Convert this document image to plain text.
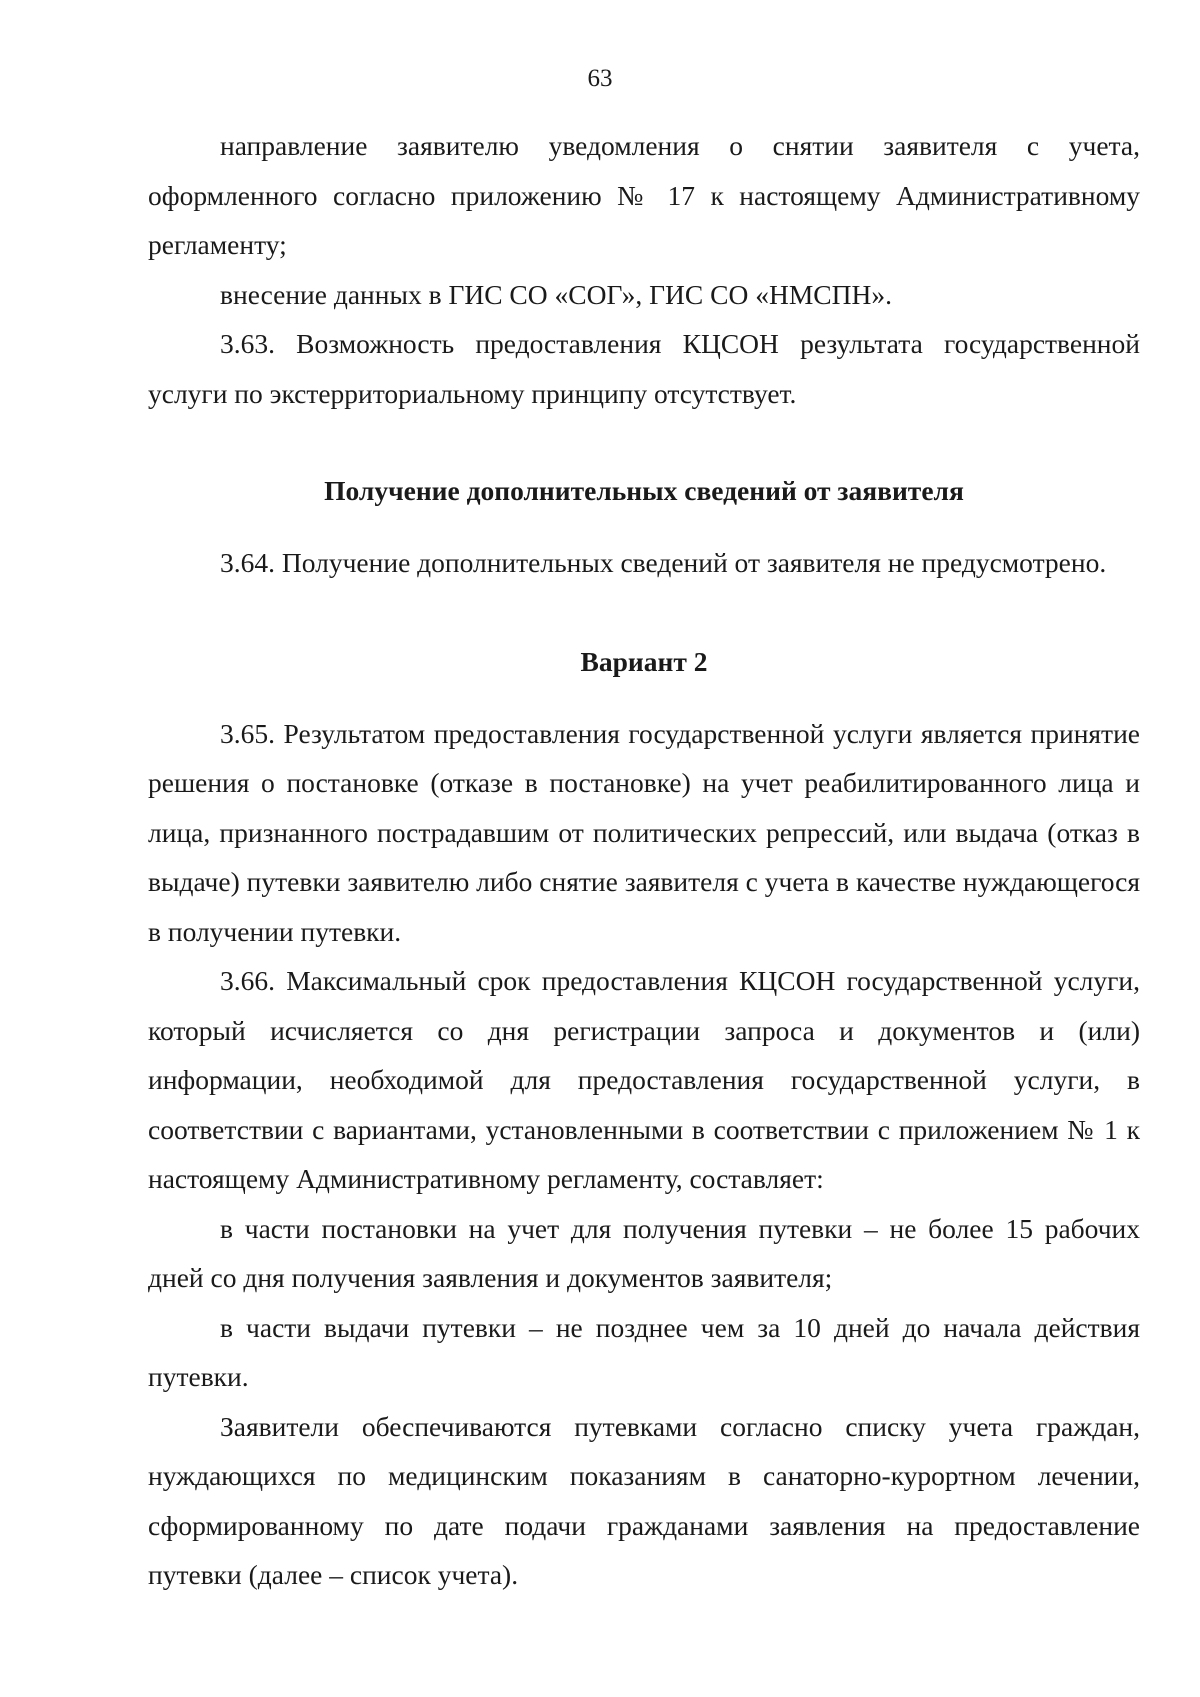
63

направление заявителю уведомления о снятии заявителя с учета, оформленного согласно приложению № 17 к настоящему Административному регламенту;

внесение данных в ГИС СО «СОГ», ГИС СО «НМСПН».

3.63. Возможность предоставления КЦСОН результата государственной услуги по экстерриториальному принципу отсутствует.

Получение дополнительных сведений от заявителя

3.64. Получение дополнительных сведений от заявителя не предусмотрено.

Вариант 2

3.65. Результатом предоставления государственной услуги является принятие решения о постановке (отказе в постановке) на учет реабилитированного лица и лица, признанного пострадавшим от политических репрессий, или выдача (отказ в выдаче) путевки заявителю либо снятие заявителя с учета в качестве нуждающегося в получении путевки.

3.66. Максимальный срок предоставления КЦСОН государственной услуги, который исчисляется со дня регистрации запроса и документов и (или) информации, необходимой для предоставления государственной услуги, в соответствии с вариантами, установленными в соответствии с приложением № 1 к настоящему Административному регламенту, составляет:

в части постановки на учет для получения путевки – не более 15 рабочих дней со дня получения заявления и документов заявителя;

в части выдачи путевки – не позднее чем за 10 дней до начала действия путевки.

Заявители обеспечиваются путевками согласно списку учета граждан, нуждающихся по медицинским показаниям в санаторно-курортном лечении, сформированному по дате подачи гражданами заявления на предоставление путевки (далее – список учета).
